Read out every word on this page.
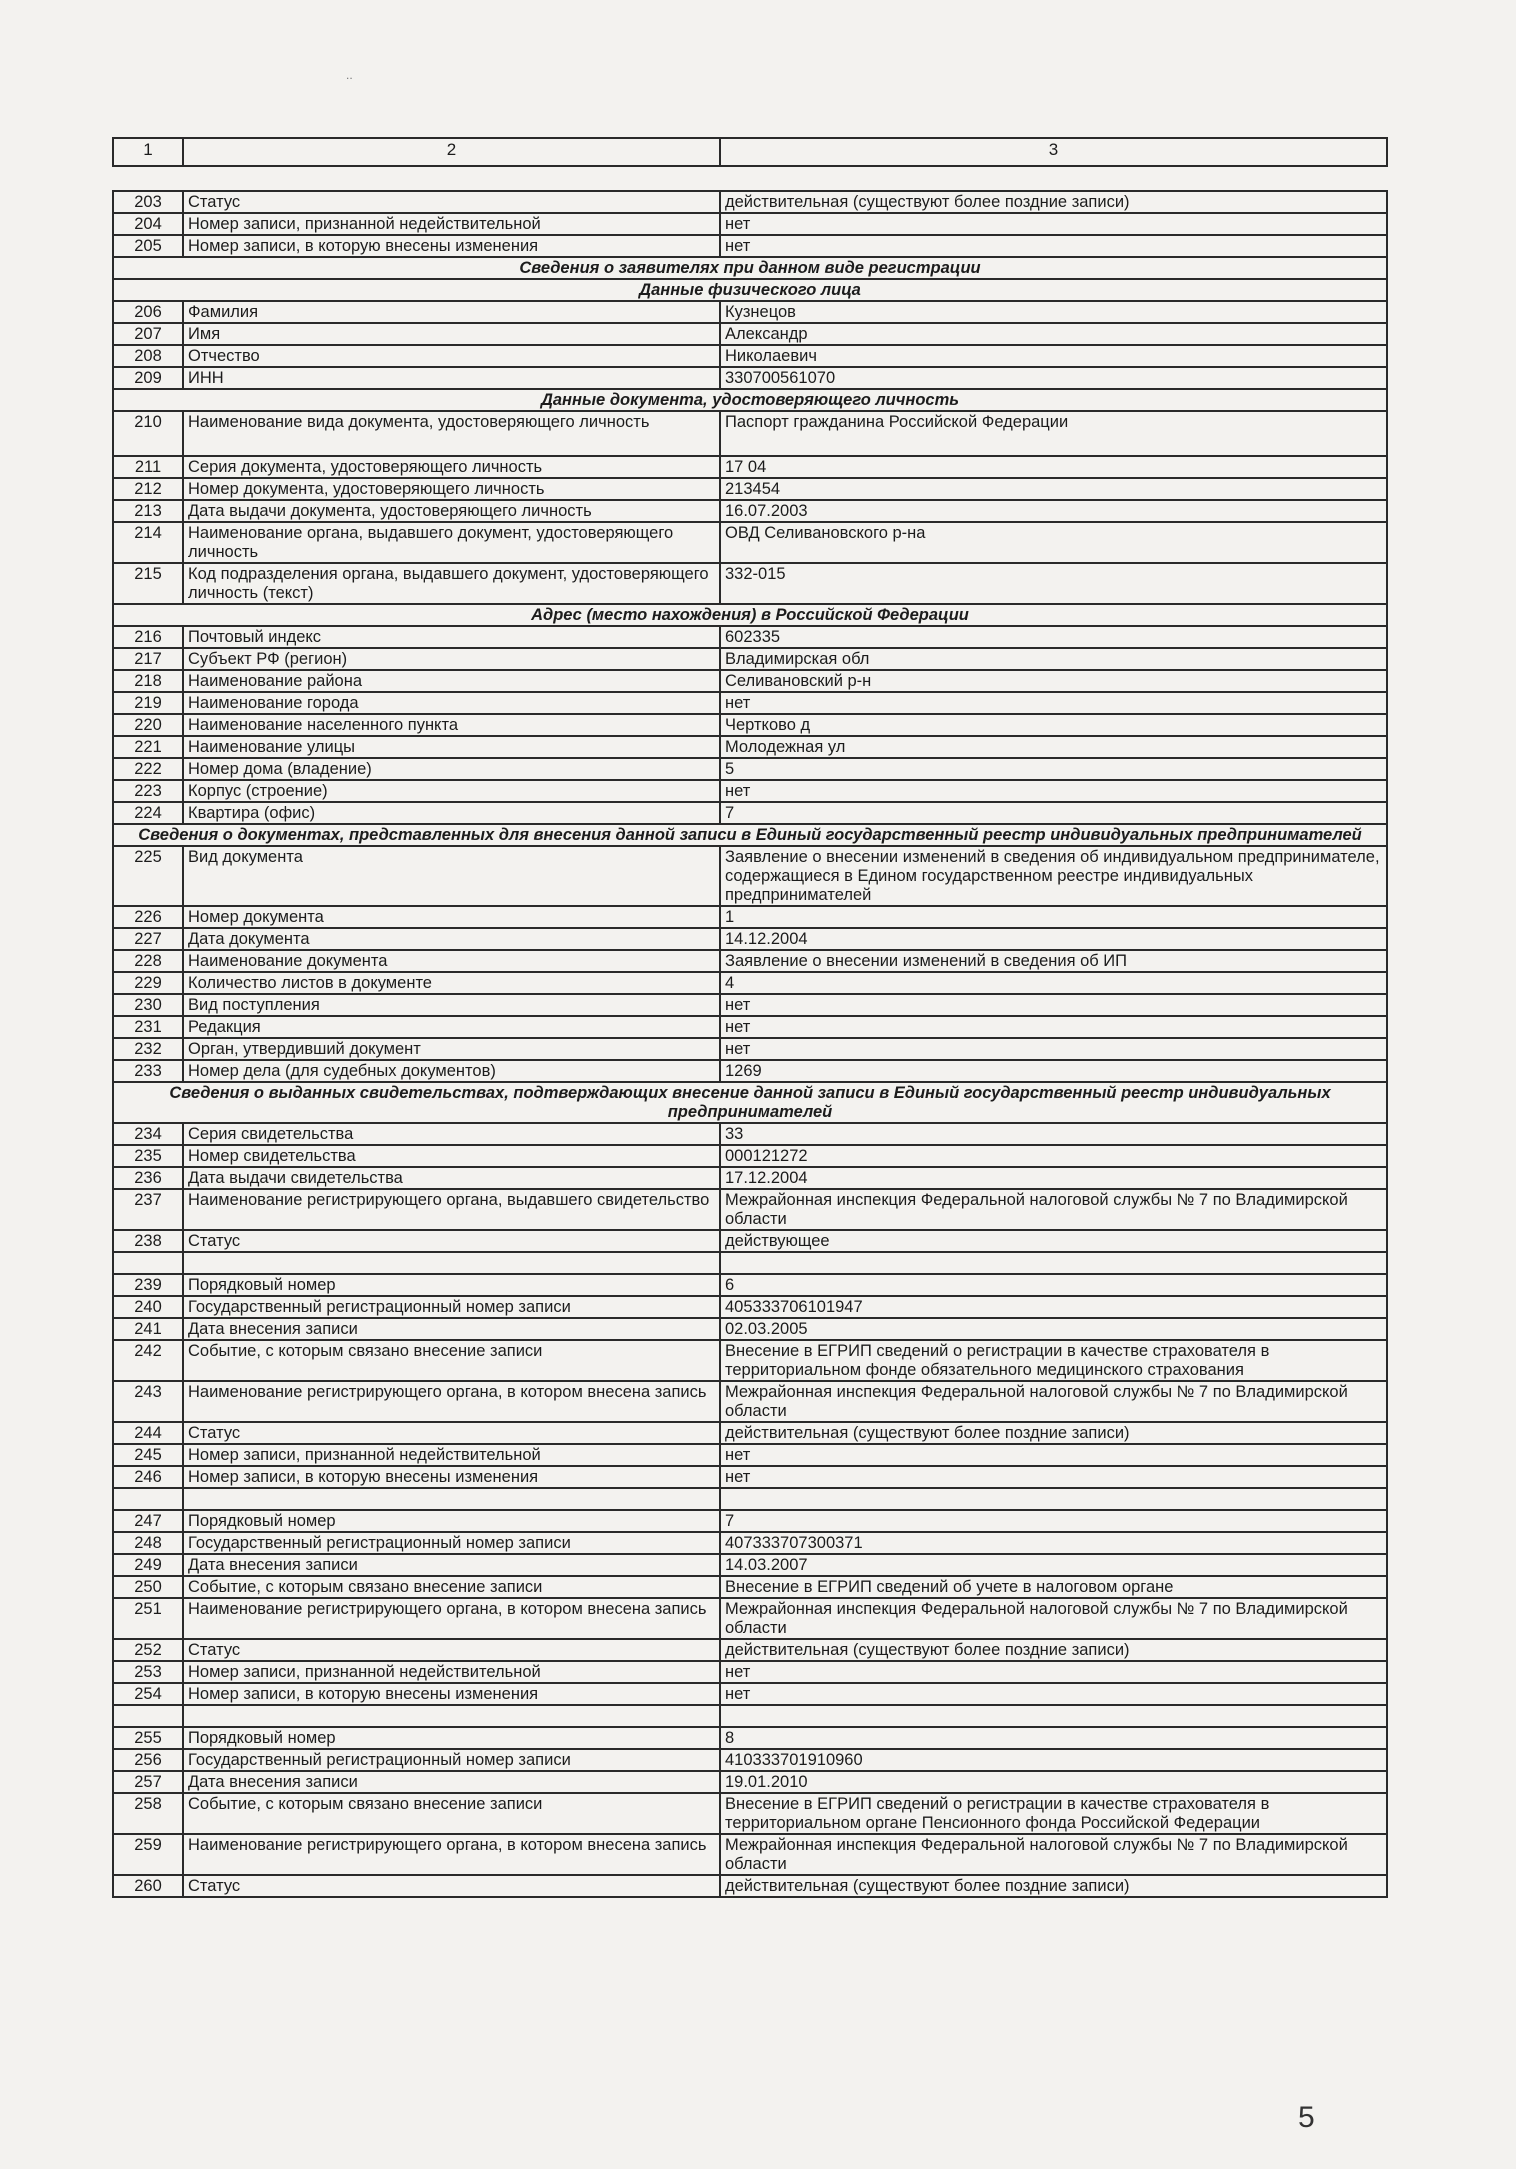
..
1	2	3
203	Статус	действительная (существуют более поздние записи)
204	Номер записи, признанной недействительной	нет
205	Номер записи, в которую внесены изменения	нет
Сведения о заявителях при данном виде регистрации		
Данные физического лица		
206	Фамилия	Кузнецов
207	Имя	Александр
208	Отчество	Николаевич
209	ИНН	330700561070
Данные документа, удостоверяющего личность		
210	Наименование вида документа, удостоверяющего личность	Паспорт гражданина Российской Федерации
211	Серия документа, удостоверяющего личность	17 04
212	Номер документа, удостоверяющего личность	213454
213	Дата выдачи документа, удостоверяющего личность	16.07.2003
214	Наименование органа, выдавшего документ, удостоверяющего личность	ОВД Селивановского р-на
215	Код подразделения органа, выдавшего документ, удостоверяющего личность (текст)	332-015
Адрес (место нахождения) в Российской Федерации		
216	Почтовый индекс	602335
217	Субъект РФ (регион)	Владимирская обл
218	Наименование района	Селивановский р-н
219	Наименование города	нет
220	Наименование населенного пункта	Чертково д
221	Наименование улицы	Молодежная ул
222	Номер дома (владение)	5
223	Корпус (строение)	нет
224	Квартира (офис)	7
Сведения о документах, представленных для внесения данной записи в Единый государственный реестр индивидуальных предпринимателей		
225	Вид документа	Заявление о внесении изменений в сведения об индивидуальном предпринимателе, содержащиеся в Едином государственном реестре индивидуальных предпринимателей
226	Номер документа	1
227	Дата документа	14.12.2004
228	Наименование документа	Заявление о внесении изменений в сведения об ИП
229	Количество листов в документе	4
230	Вид поступления	нет
231	Редакция	нет
232	Орган, утвердивший документ	нет
233	Номер дела (для судебных документов)	1269
Сведения о выданных свидетельствах, подтверждающих внесение данной записи в Единый государственный реестр индивидуальных предпринимателей		
234	Серия свидетельства	33
235	Номер свидетельства	000121272
236	Дата выдачи свидетельства	17.12.2004
237	Наименование регистрирующего органа, выдавшего свидетельство	Межрайонная инспекция Федеральной налоговой службы № 7 по Владимирской области
238	Статус	действующее

239	Порядковый номер	6
240	Государственный регистрационный номер записи	405333706101947
241	Дата внесения записи	02.03.2005
242	Событие, с которым связано внесение записи	Внесение в ЕГРИП сведений о регистрации в качестве страхователя в территориальном фонде обязательного медицинского страхования
243	Наименование регистрирующего органа, в котором внесена запись	Межрайонная инспекция Федеральной налоговой службы № 7 по Владимирской области
244	Статус	действительная (существуют более поздние записи)
245	Номер записи, признанной недействительной	нет
246	Номер записи, в которую внесены изменения	нет

247	Порядковый номер	7
248	Государственный регистрационный номер записи	407333707300371
249	Дата внесения записи	14.03.2007
250	Событие, с которым связано внесение записи	Внесение в ЕГРИП сведений об учете в налоговом органе
251	Наименование регистрирующего органа, в котором внесена запись	Межрайонная инспекция Федеральной налоговой службы № 7 по Владимирской области
252	Статус	действительная (существуют более поздние записи)
253	Номер записи, признанной недействительной	нет
254	Номер записи, в которую внесены изменения	нет

255	Порядковый номер	8
256	Государственный регистрационный номер записи	410333701910960
257	Дата внесения записи	19.01.2010
258	Событие, с которым связано внесение записи	Внесение в ЕГРИП сведений о регистрации в качестве страхователя в территориальном органе Пенсионного фонда Российской Федерации
259	Наименование регистрирующего органа, в котором внесена запись	Межрайонная инспекция Федеральной налоговой службы № 7 по Владимирской области
260	Статус	действительная (существуют более поздние записи)
5
